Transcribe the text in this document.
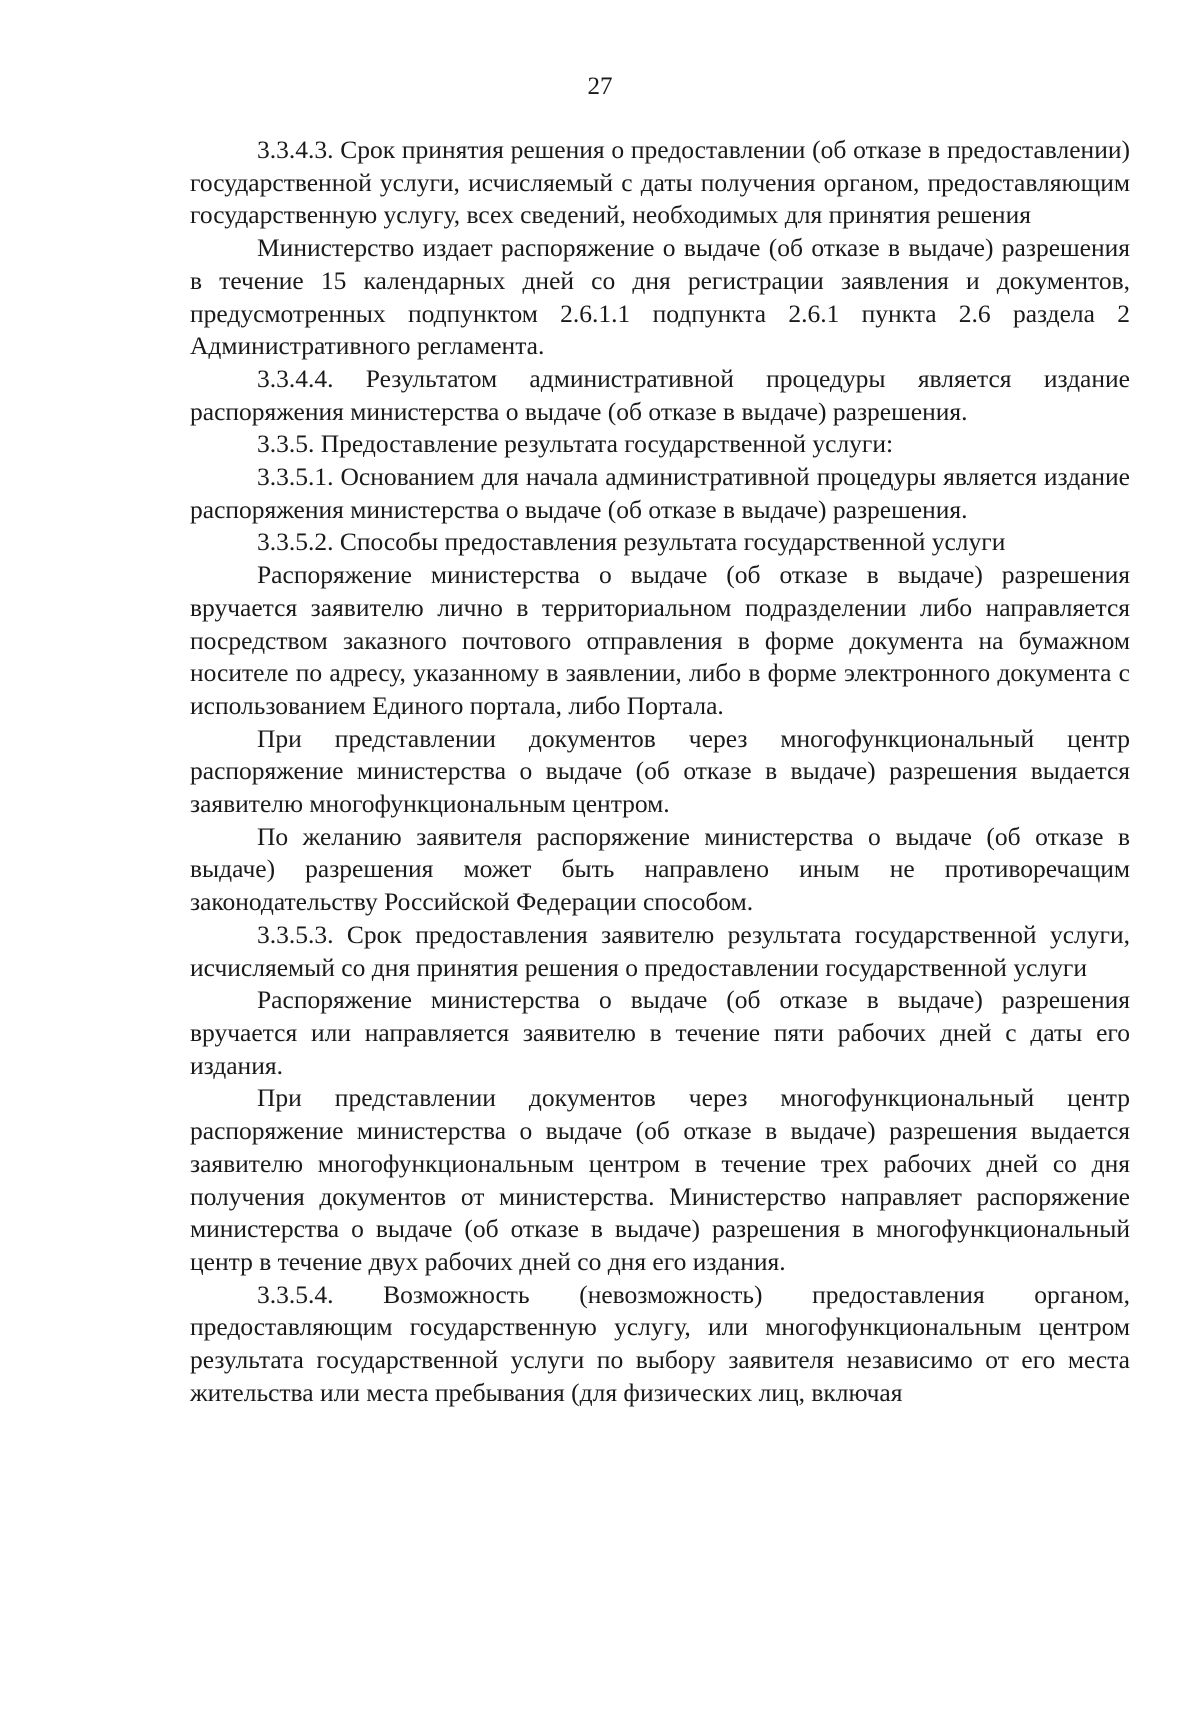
27

3.3.4.3. Срок принятия решения о предоставлении (об отказе в предоставлении) государственной услуги, исчисляемый с даты получения органом, предоставляющим государственную услугу, всех сведений, необходимых для принятия решения

Министерство издает распоряжение о выдаче (об отказе в выдаче) разрешения в течение 15 календарных дней со дня регистрации заявления и документов, предусмотренных подпунктом 2.6.1.1 подпункта 2.6.1 пункта 2.6 раздела 2 Административного регламента.

3.3.4.4. Результатом административной процедуры является издание распоряжения министерства о выдаче (об отказе в выдаче) разрешения.

3.3.5. Предоставление результата государственной услуги:

3.3.5.1. Основанием для начала административной процедуры является издание распоряжения министерства о выдаче (об отказе в выдаче) разрешения.

3.3.5.2. Способы предоставления результата государственной услуги

Распоряжение министерства о выдаче (об отказе в выдаче) разрешения вручается заявителю лично в территориальном подразделении либо направляется посредством заказного почтового отправления в форме документа на бумажном носителе по адресу, указанному в заявлении, либо в форме электронного документа с использованием Единого портала, либо Портала.

При представлении документов через многофункциональный центр распоряжение министерства о выдаче (об отказе в выдаче) разрешения выдается заявителю многофункциональным центром.

По желанию заявителя распоряжение министерства о выдаче (об отказе в выдаче) разрешения может быть направлено иным не противоречащим законодательству Российской Федерации способом.

3.3.5.3. Срок предоставления заявителю результата государственной услуги, исчисляемый со дня принятия решения о предоставлении государственной услуги

Распоряжение министерства о выдаче (об отказе в выдаче) разрешения вручается или направляется заявителю в течение пяти рабочих дней с даты его издания.

При представлении документов через многофункциональный центр распоряжение министерства о выдаче (об отказе в выдаче) разрешения выдается заявителю многофункциональным центром в течение трех рабочих дней со дня получения документов от министерства. Министерство направляет распоряжение министерства о выдаче (об отказе в выдаче) разрешения в многофункциональный центр в течение двух рабочих дней со дня его издания.

3.3.5.4. Возможность (невозможность) предоставления органом, предоставляющим государственную услугу, или многофункциональным центром результата государственной услуги по выбору заявителя независимо от его места жительства или места пребывания (для физических лиц, включая
